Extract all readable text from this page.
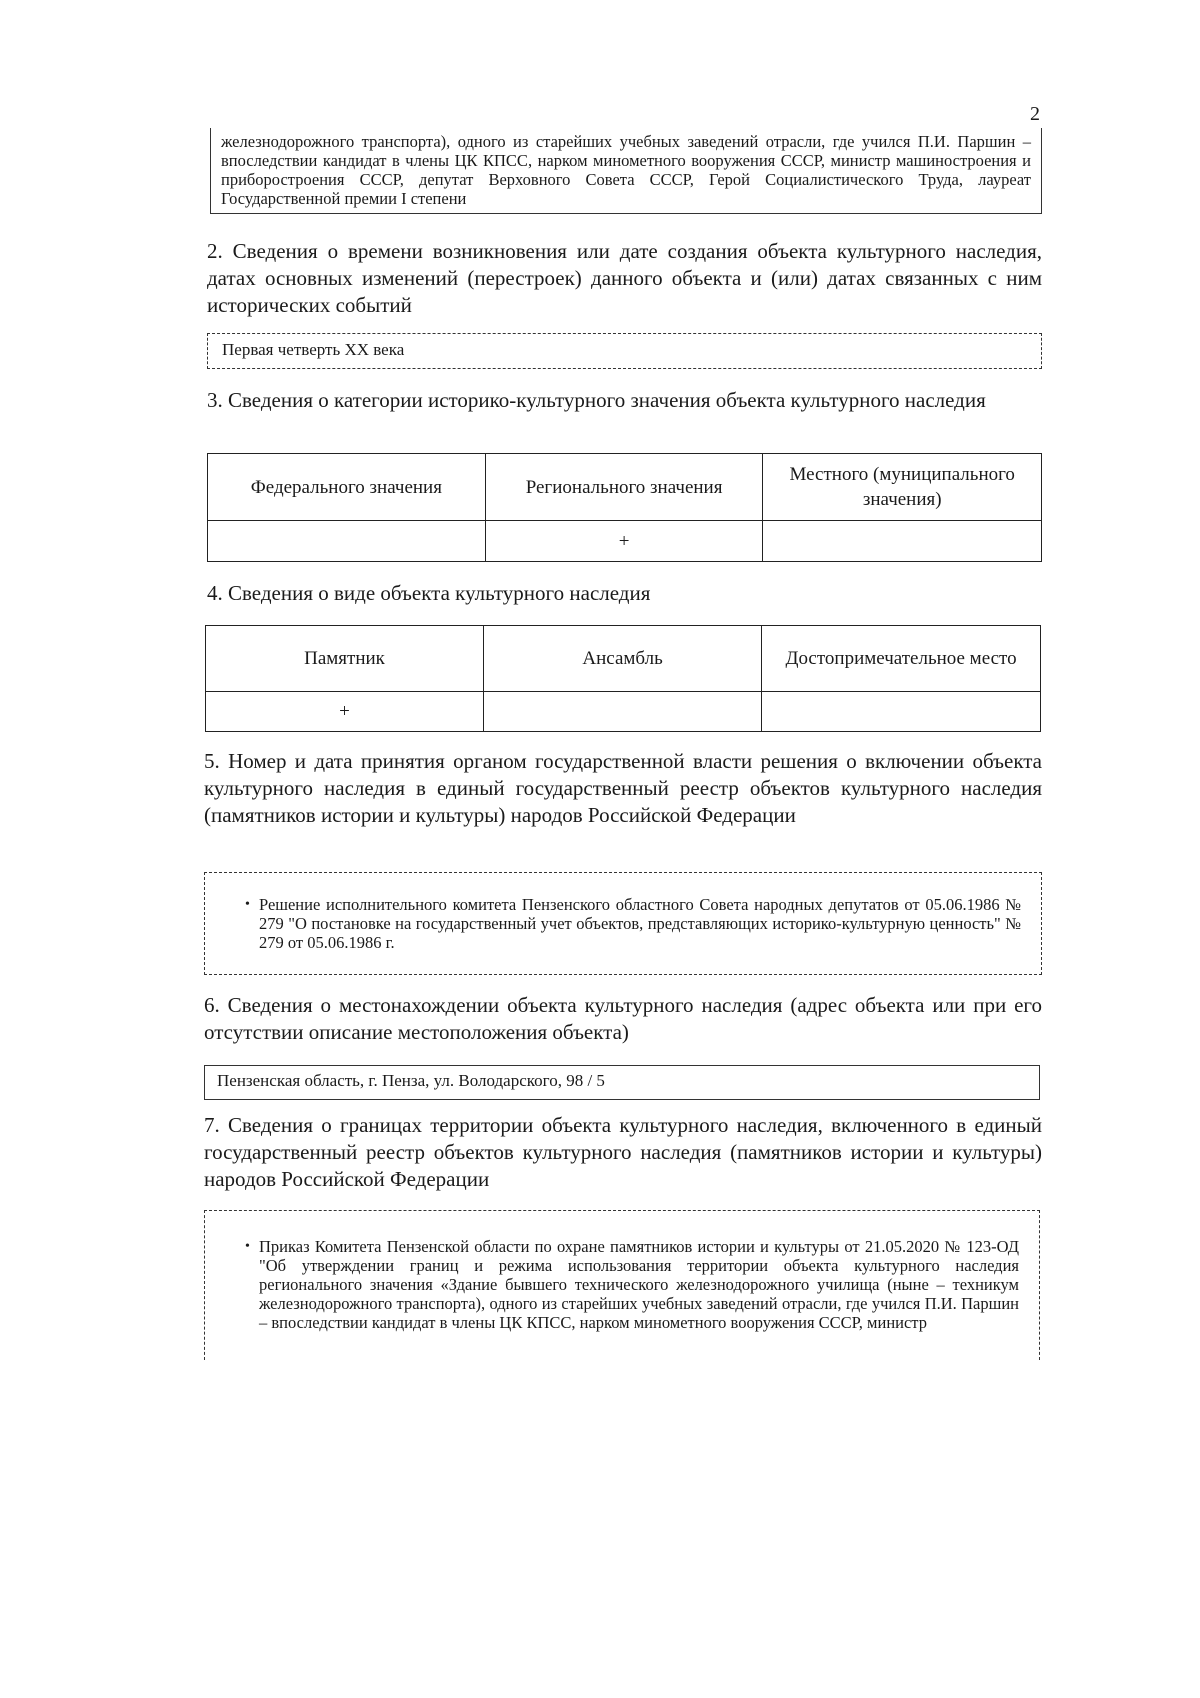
2
железнодорожного транспорта), одного из старейших учебных заведений отрасли, где учился П.И. Паршин – впоследствии кандидат в члены ЦК КПСС, нарком минометного вооружения СССР, министр машиностроения и приборостроения СССР, депутат Верховного Совета СССР, Герой Социалистического Труда, лауреат Государственной премии I степени

2. Сведения о времени возникновения или дате создания объекта культурного наследия, датах основных изменений (перестроек) данного объекта и (или) датах связанных с ним исторических событий

Первая четверть XX века

3. Сведения о категории историко-культурного значения объекта культурного наследия

Федерального значения	Регионального значения	Местного (муниципального значения)
	+	

4. Сведения о виде объекта культурного наследия

Памятник	Ансамбль	Достопримечательное место
+		

5. Номер и дата принятия органом государственной власти решения о включении объекта культурного наследия в единый государственный реестр объектов культурного наследия (памятников истории и культуры) народов Российской Федерации

• Решение исполнительного комитета Пензенского областного Совета народных депутатов от 05.06.1986 № 279 "О постановке на государственный учет объектов, представляющих историко-культурную ценность" № 279 от 05.06.1986 г.

6. Сведения о местонахождении объекта культурного наследия (адрес объекта или при его отсутствии описание местоположения объекта)

Пензенская область, г. Пенза, ул. Володарского, 98 / 5

7. Сведения о границах территории объекта культурного наследия, включенного в единый государственный реестр объектов культурного наследия (памятников истории и культуры) народов Российской Федерации

• Приказ Комитета Пензенской области по охране памятников истории и культуры от 21.05.2020 № 123-ОД "Об утверждении границ и режима использования территории объекта культурного наследия регионального значения «Здание бывшего технического железнодорожного училища (ныне – техникум железнодорожного транспорта), одного из старейших учебных заведений отрасли, где учился П.И. Паршин – впоследствии кандидат в члены ЦК КПСС, нарком минометного вооружения СССР, министр
